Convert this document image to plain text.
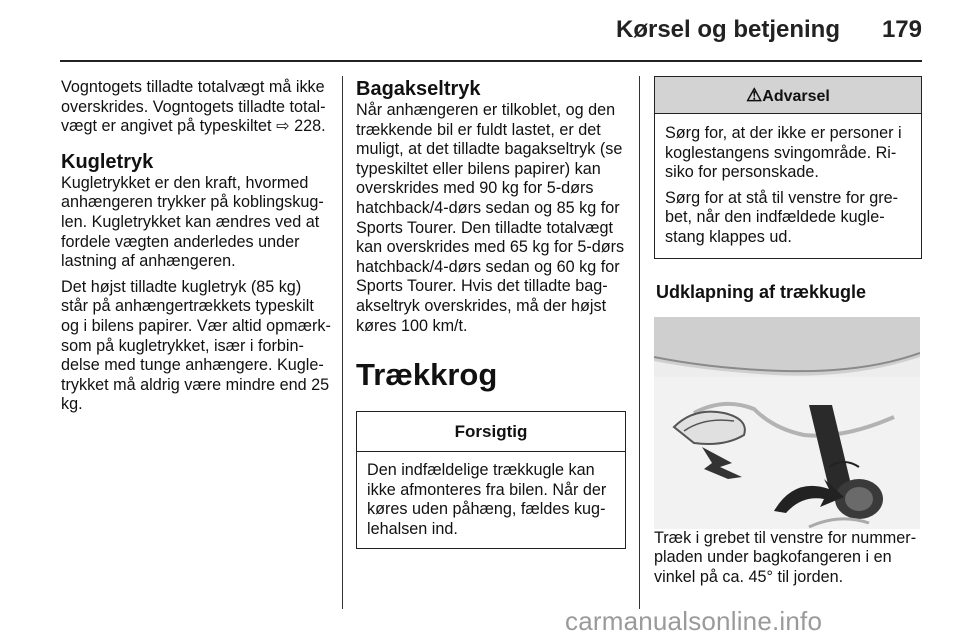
Kørsel og betjening 179

Vogntogets tilladte totalvægt må ikke overskrides. Vogntogets tilladte totalvægt er angivet på typeskiltet ⇨ 228.

Kugletryk

Kugletrykket er den kraft, hvormed anhængeren trykker på koblingskuglen. Kugletrykket kan ændres ved at fordele vægten anderledes under lastning af anhængeren.

Det højst tilladte kugletryk (85 kg) står på anhængertrækkets typeskilt og i bilens papirer. Vær altid opmærksom på kugletrykket, især i forbindelse med tunge anhængere. Kugletrykket må aldrig være mindre end 25 kg.

Bagakseltryk

Når anhængeren er tilkoblet, og den trækkende bil er fuldt lastet, er det muligt, at det tilladte bagakseltryk (se typeskiltet eller bilens papirer) kan overskrides med 90 kg for 5-dørs hatchback/4-dørs sedan og 85 kg for Sports Tourer. Den tilladte totalvægt kan overskrides med 65 kg for 5-dørs hatchback/4-dørs sedan og 60 kg for Sports Tourer. Hvis det tilladte bagakseltryk overskrides, må der højst køres 100 km/t.

Trækkrog
Forsigtig
Den indfældelige trækkugle kan ikke afmonteres fra bilen. Når der køres uden påhæng, fældes kuglehalsen ind.
⚠Advarsel

Sørg for, at der ikke er personer i koglestangens svingområde. Risiko for personskade.

Sørg for at stå til venstre for grebet, når den indfældede kuglestang klappes ud.

Udklapning af trækkugle

Træk i grebet til venstre for nummerpladen under bagkofangeren i en vinkel på ca. 45° til jorden.

carmanualsonline.info
